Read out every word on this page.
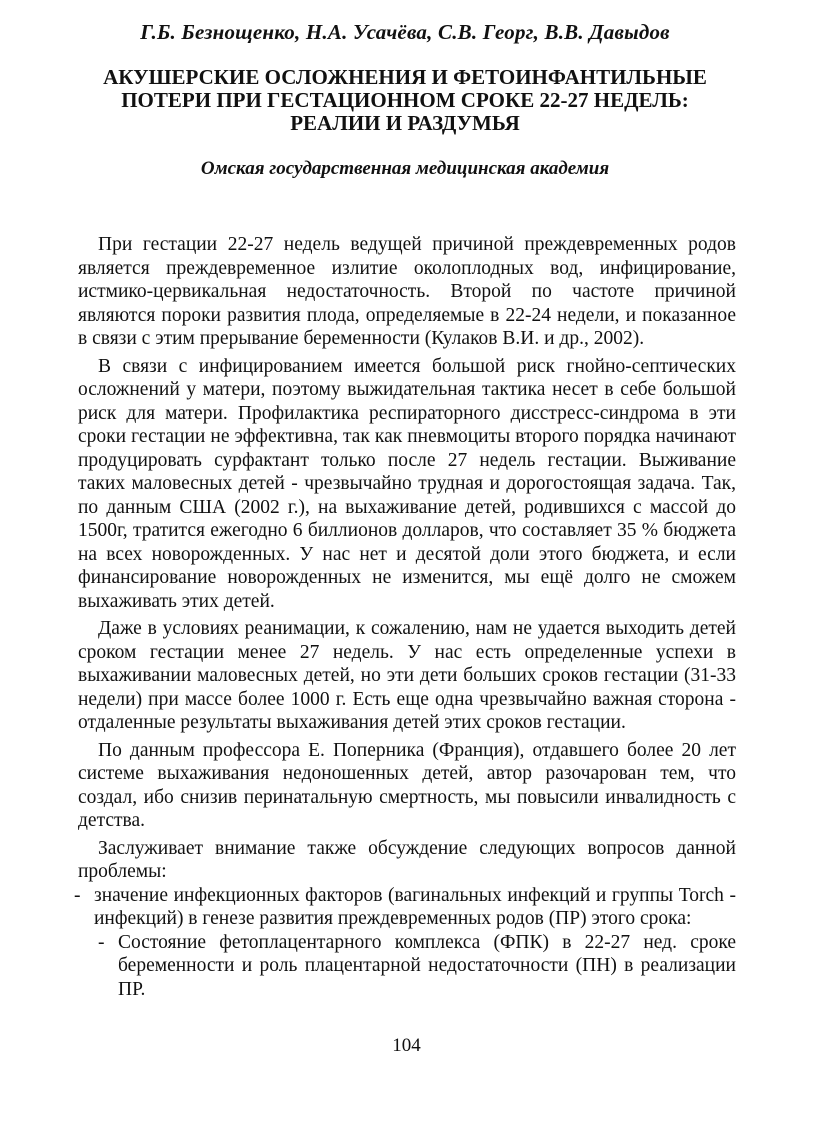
Г.Б. Безнощенко, Н.А. Усачёва, С.В. Георг, В.В. Давыдов
АКУШЕРСКИЕ ОСЛОЖНЕНИЯ И ФЕТОИНФАНТИЛЬНЫЕ
ПОТЕРИ ПРИ ГЕСТАЦИОННОМ СРОКЕ 22-27 НЕДЕЛЬ:
РЕАЛИИ И РАЗДУМЬЯ
Омская государственная медицинская академия

При гестации 22-27 недель ведущей причиной преждевременных родов является преждевременное излитие околоплодных вод, инфицирование, истмико-цервикальная недостаточность. Второй по частоте причиной являются пороки развития плода, определяемые в 22-24 недели, и показанное в связи с этим прерывание беременности (Кулаков В.И. и др., 2002).

В связи с инфицированием имеется большой риск гнойно-септических осложнений у матери, поэтому выжидательная тактика несет в себе большой риск для матери. Профилактика респираторного дисстресс-синдрома в эти сроки гестации не эффективна, так как пневмоциты второго порядка начинают продуцировать сурфактант только после 27 недель гестации. Выживание таких маловесных детей - чрезвычайно трудная и дорогостоящая задача. Так, по данным США (2002 г.), на выхаживание детей, родившихся с массой до 1500г, тратится ежегодно 6 биллионов долларов, что составляет 35 % бюджета на всех новорожденных. У нас нет и десятой доли этого бюджета, и если финансирование новорожденных не изменится, мы ещё долго не сможем выхаживать этих детей.

Даже в условиях реанимации, к сожалению, нам не удается выходить детей сроком гестации менее 27 недель. У нас есть определенные успехи в выхаживании маловесных детей, но эти дети больших сроков гестации (31-33 недели) при массе более 1000 г. Есть еще одна чрезвычайно важная сторона - отдаленные результаты выхаживания детей этих сроков гестации.

По данным профессора Е. Поперника (Франция), отдавшего более 20 лет системе выхаживания недоношенных детей, автор разочарован тем, что создал, ибо снизив перинатальную смертность, мы повысили инвалидность с детства.

Заслуживает внимание также обсуждение следующих вопросов данной проблемы:

- значение инфекционных факторов (вагинальных инфекций и группы Torch - инфекций) в генезе развития преждевременных родов (ПР) этого срока:
- Состояние фетоплацентарного комплекса (ФПК) в 22-27 нед. сроке беременности и роль плацентарной недостаточности (ПН) в реализации ПР.
104
